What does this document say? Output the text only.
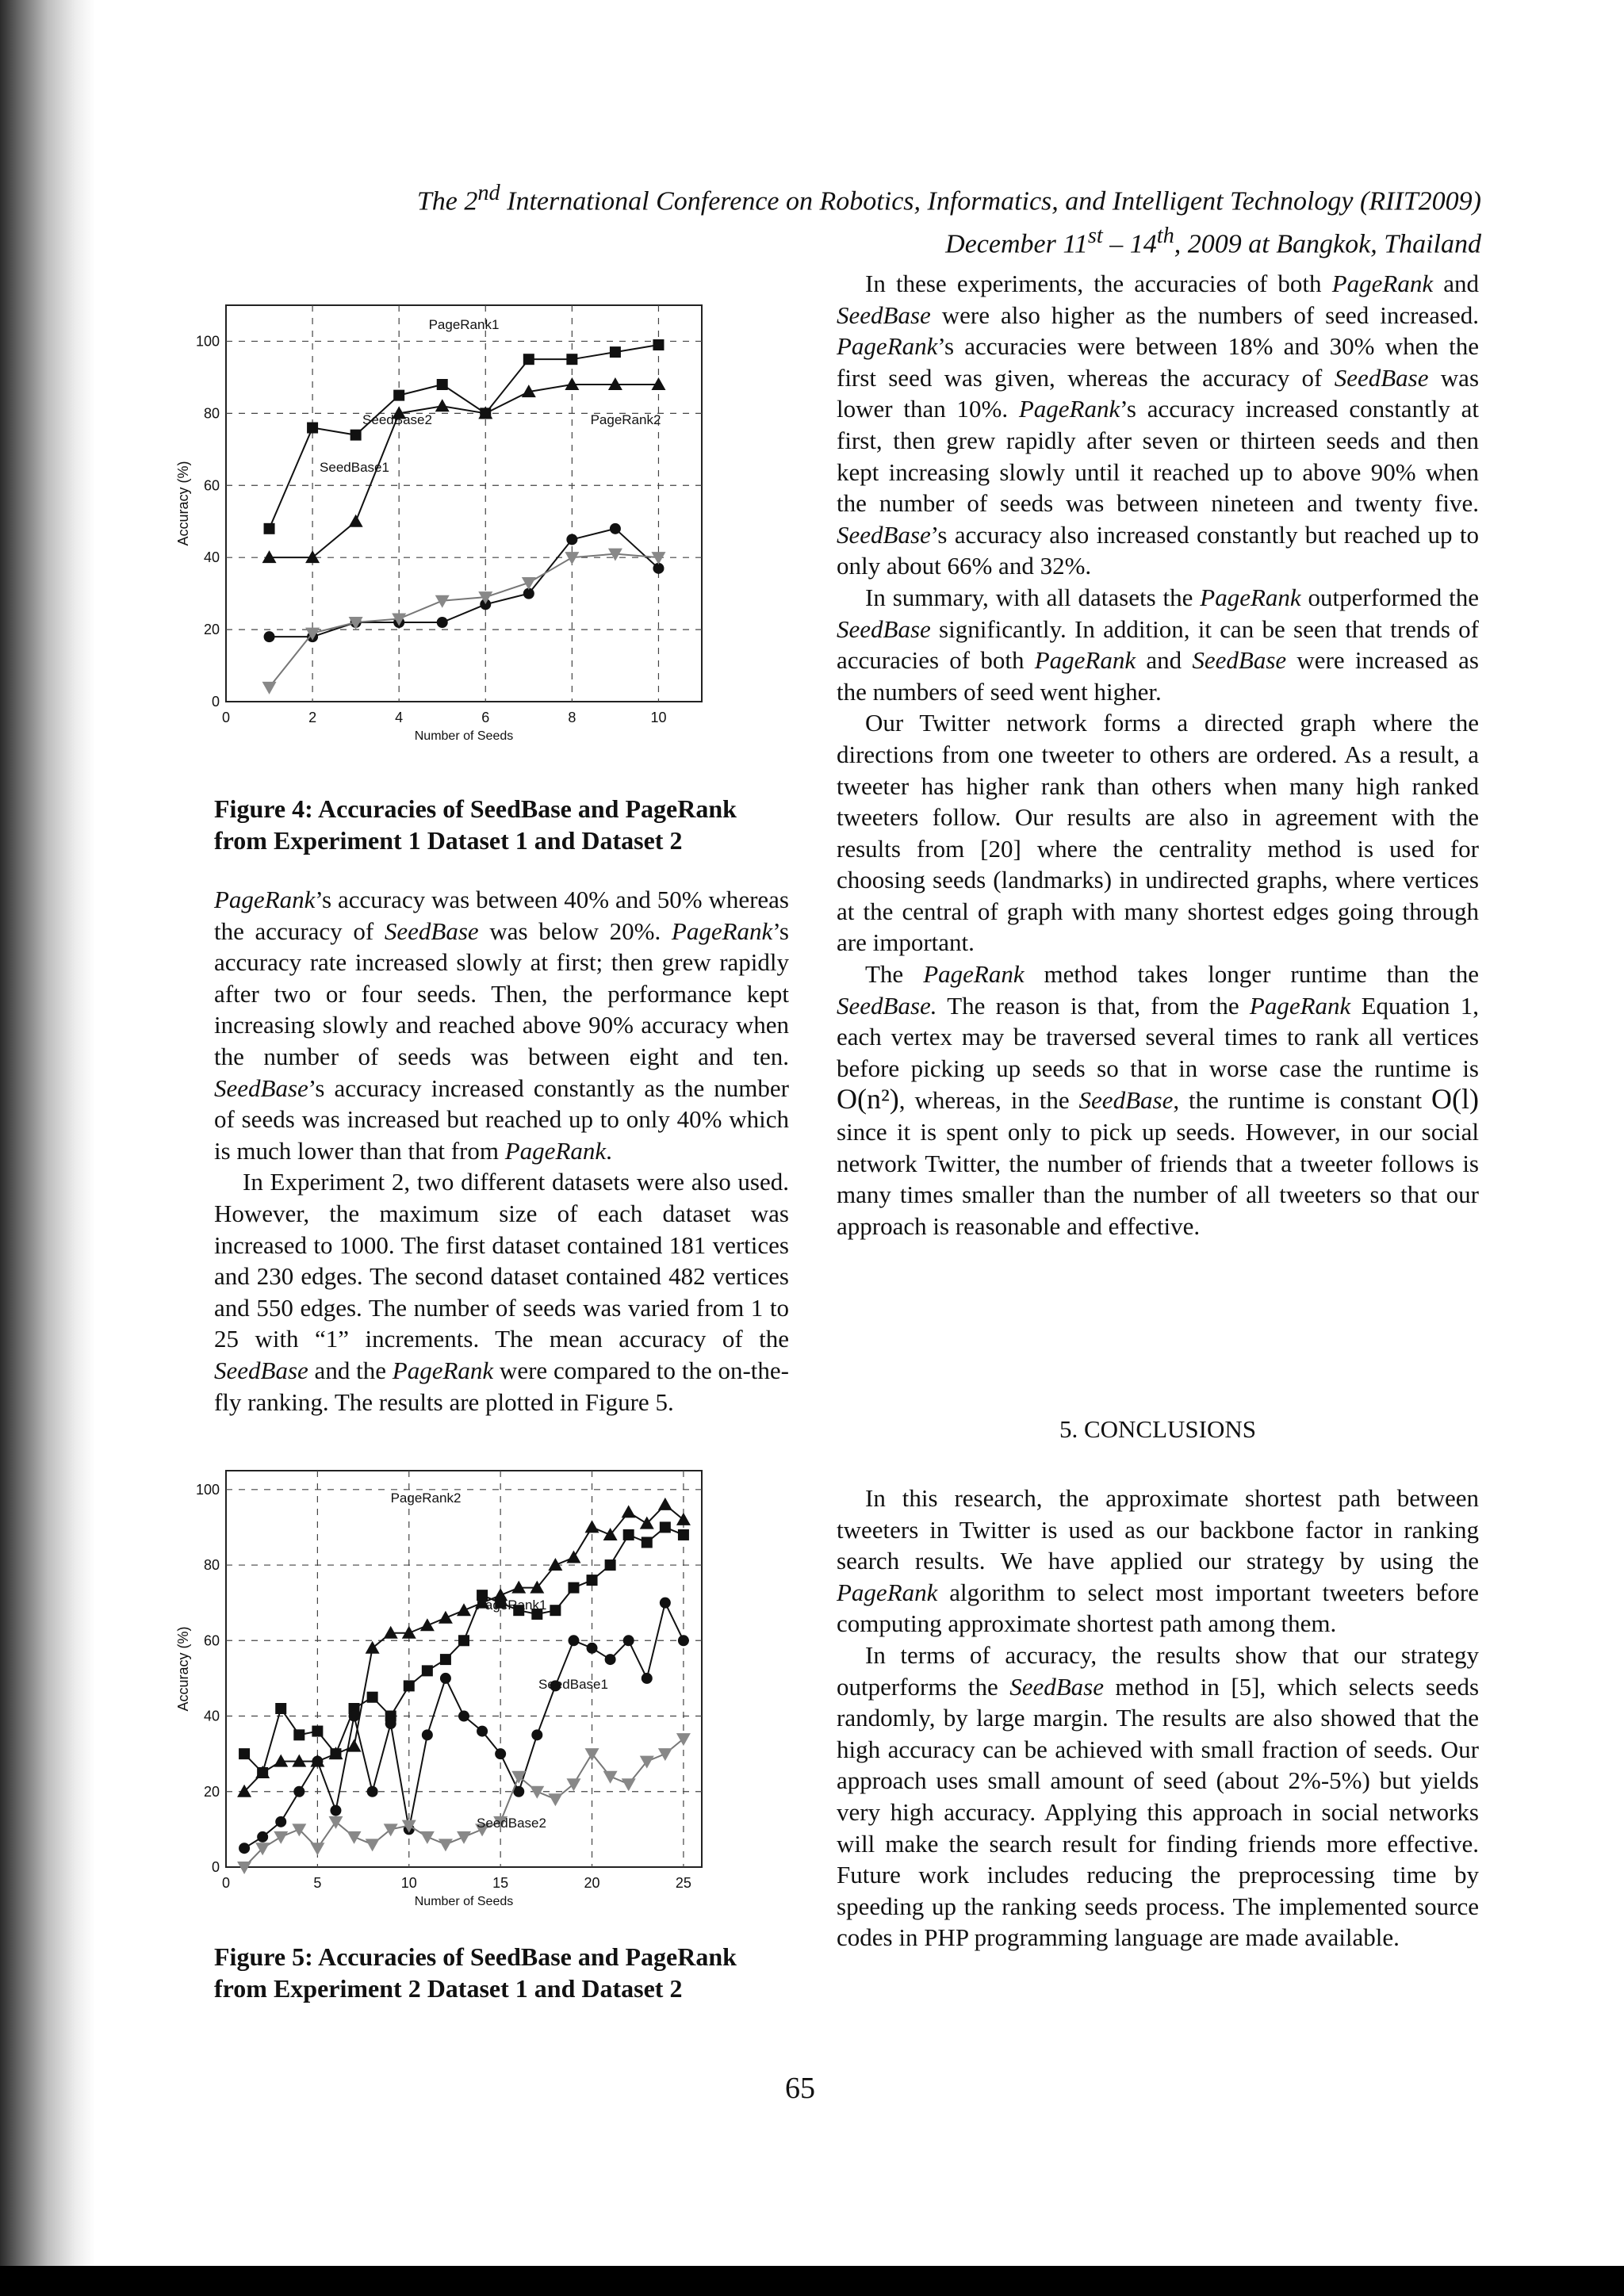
The 2nd International Conference on Robotics, Informatics, and Intelligent Technology (RIIT2009)
December 11st – 14th, 2009 at Bangkok, Thailand
0	2	4	6	8	10
0
20
40
60
80
100
Number of Seeds
Accuracy (%)
PageRank1
SeedBase2	PageRank2
SeedBase1
Figure 4: Accuracies of SeedBase and PageRank from Experiment 1 Dataset 1 and Dataset 2

PageRank’s accuracy was between 40% and 50% whereas the accuracy of SeedBase was below 20%. PageRank’s accuracy rate increased slowly at first; then grew rapidly after two or four seeds. Then, the performance kept increasing slowly and reached above 90% accuracy when the number of seeds was between eight and ten. SeedBase’s accuracy increased constantly as the number of seeds was increased but reached up to only 40% which is much lower than that from PageRank.

In Experiment 2, two different datasets were also used. However, the maximum size of each dataset was increased to 1000. The first dataset contained 181 vertices and 230 edges. The second dataset contained 482 vertices and 550 edges. The number of seeds was varied from 1 to 25 with “1” increments. The mean accuracy of the SeedBase and the PageRank were compared to the on-the-fly ranking. The results are plotted in Figure 5.

0	5	10	15	20	25
0
20
40
60
80
100
Number of Seeds
Accuracy (%)
PageRank2
PageRank1
SeedBase1
SeedBase2
Figure 5: Accuracies of SeedBase and PageRank from Experiment 2 Dataset 1 and Dataset 2

In these experiments, the accuracies of both PageRank and SeedBase were also higher as the numbers of seed increased. PageRank’s accuracies were between 18% and 30% when the first seed was given, whereas the accuracy of SeedBase was lower than 10%. PageRank’s accuracy increased constantly at first, then grew rapidly after seven or thirteen seeds and then kept increasing slowly until it reached up to above 90% when the number of seeds was between nineteen and twenty five. SeedBase’s accuracy also increased constantly but reached up to only about 66% and 32%.

In summary, with all datasets the PageRank outperformed the SeedBase significantly. In addition, it can be seen that trends of accuracies of both PageRank and SeedBase were increased as the numbers of seed went higher.

Our Twitter network forms a directed graph where the directions from one tweeter to others are ordered. As a result, a tweeter has higher rank than others when many high ranked tweeters follow. Our results are also in agreement with the results from [20] where the centrality method is used for choosing seeds (landmarks) in undirected graphs, where vertices at the central of graph with many shortest edges going through are important.

The PageRank method takes longer runtime than the SeedBase. The reason is that, from the PageRank Equation 1, each vertex may be traversed several times to rank all vertices before picking up seeds so that in worse case the runtime is O(n²), whereas, in the SeedBase, the runtime is constant O(l) since it is spent only to pick up seeds. However, in our social network Twitter, the number of friends that a tweeter follows is many times smaller than the number of all tweeters so that our approach is reasonable and effective.

5. CONCLUSIONS

In this research, the approximate shortest path between tweeters in Twitter is used as our backbone factor in ranking search results. We have applied our strategy by using the PageRank algorithm to select most important tweeters before computing approximate shortest path among them.

In terms of accuracy, the results show that our strategy outperforms the SeedBase method in [5], which selects seeds randomly, by large margin. The results are also showed that the high accuracy can be achieved with small fraction of seeds. Our approach uses small amount of seed (about 2%-5%) but yields very high accuracy. Applying this approach in social networks will make the search result for finding friends more effective. Future work includes reducing the preprocessing time by speeding up the ranking seeds process. The implemented source codes in PHP programming language are made available.

65
